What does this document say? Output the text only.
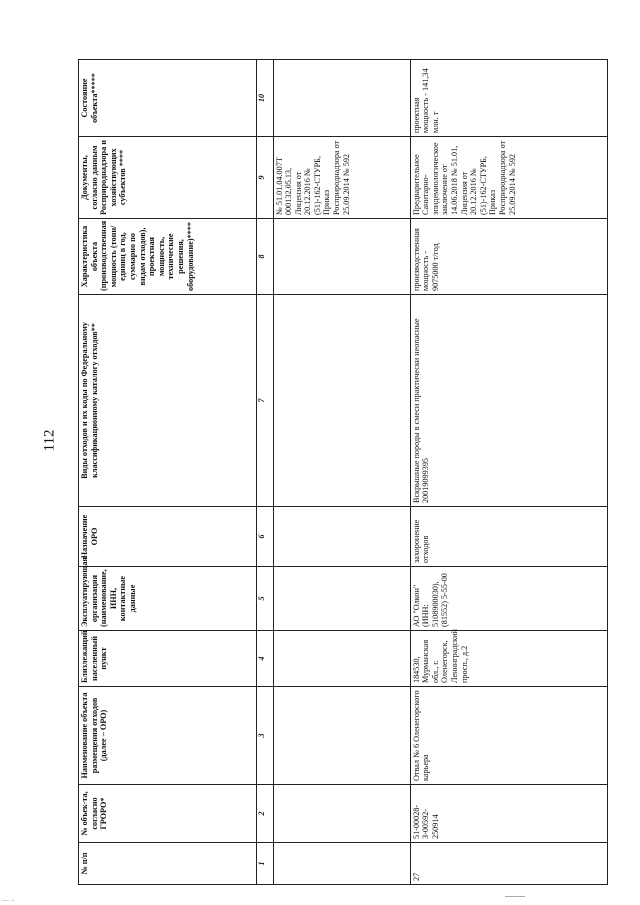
112
№ п/п	№ объек-та, согласно ГРОРО*	Наименование объекта размещения отходов (далее – ОРО)	Близлежащий населенный пункт	Эксплуатирующая организация (наименование, ИНН, контактные данные	Назначение ОРО	Виды отходов и их коды по Федеральному классификационному каталогу отходов**	Характеристика объекта (производственная мощность (тонн/единиц в год, суммарно по видам отходов), проектная мощность, технические решения, оборудование)****	Документы, согласно данным Росприроднадзора и хозяйствующих субъектов ****	Состояние объекта*****
1	2	3	4	5	6	7	8	9	10
								№ 51.01.04.007Т 000132.05.13, Лицензия от 20.12.2016 № (51)-162-СТУРБ, Приказ Росприроднадзора от 25.09.2014 № 592	
27	51-00028-З-00592-250914	Отвал № 6 Оленегорского карьера	184530, Мурманская обл., г. Оленегорск, Ленинградский просп., д.2	АО "Олкон" (ИНН: 5108900030), (81552) 5-55-00	захоронение отходов	Вскрышные породы в смеси практически неопасные 20019099395	производственная мощность - 9075000 т/год	Предварительное Санитарно-эпидемиологическое заключение от 14.06.2018 № 51.01, Лицензия от 20.12.2016 № (51)-162-СТУРБ, Приказ Росприроднадзора от 25.09.2014 № 592	проектная мощность - 141,34 млн. т
— –
